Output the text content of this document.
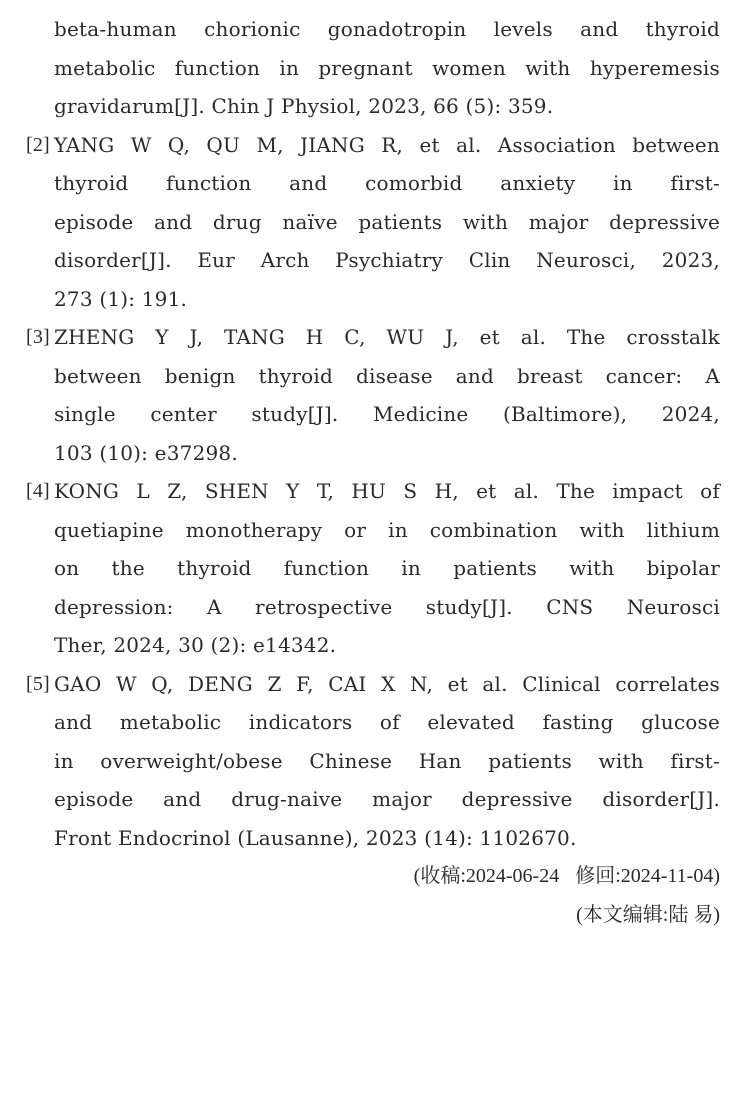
beta-human chorionic gonadotropin levels and thyroid
metabolic function in pregnant women with hyperemesis
gravidarum[J]. Chin J Physiol, 2023, 66 (5): 359.
[2] YANG W Q, QU M, JIANG R, et al. Association between
thyroid function and comorbid anxiety in first-
episode and drug naïve patients with major depressive
disorder[J]. Eur Arch Psychiatry Clin Neurosci, 2023,
273 (1): 191.
[3] ZHENG Y J, TANG H C, WU J, et al. The crosstalk
between benign thyroid disease and breast cancer: A
single center study[J]. Medicine (Baltimore), 2024,
103 (10): e37298.
[4] KONG L Z, SHEN Y T, HU S H, et al. The impact of
quetiapine monotherapy or in combination with lithium
on the thyroid function in patients with bipolar
depression: A retrospective study[J]. CNS Neurosci
Ther, 2024, 30 (2): e14342.
[5] GAO W Q, DENG Z F, CAI X N, et al. Clinical correlates
and metabolic indicators of elevated fasting glucose
in overweight/obese Chinese Han patients with first-
episode and drug-naive major depressive disorder[J].
Front Endocrinol (Lausanne), 2023 (14): 1102670.
(收稿:2024-06-24 修回:2024-11-04)
(本文编辑:陆 易)
